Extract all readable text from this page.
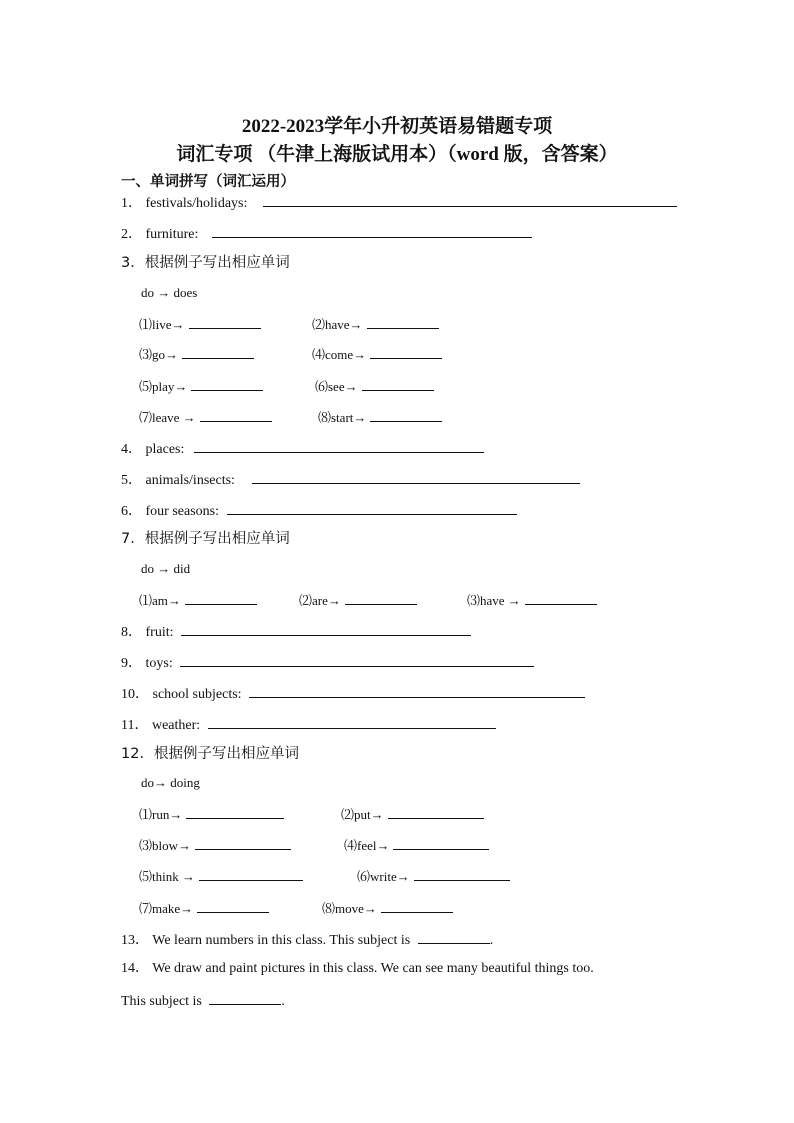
2022-2023学年小升初英语易错题专项
词汇专项 （牛津上海版试用本）（word 版，含答案）
一、单词拼写（词汇运用）
1． festivals/holidays:
2． furniture:
3．根据例子写出相应单词
do → does
⑴live→	⑵have→
⑶go→	⑷come→
⑸play→	⑹see→
⑺leave →	⑻start→
4． places:
5． animals/insects:
6． four seasons:
7．根据例子写出相应单词
do → did
⑴am→	⑵are→	⑶have →
8． fruit:
9． toys:
10． school subjects:
11． weather:
12．根据例子写出相应单词
do→ doing
⑴run→	⑵put→
⑶blow→	⑷feel→
⑸think →	⑹write→
⑺make→	⑻move→
13． We learn numbers in this class. This subject is	.
14． We draw and paint pictures in this class. We can see many beautiful things too.
This subject is	.
